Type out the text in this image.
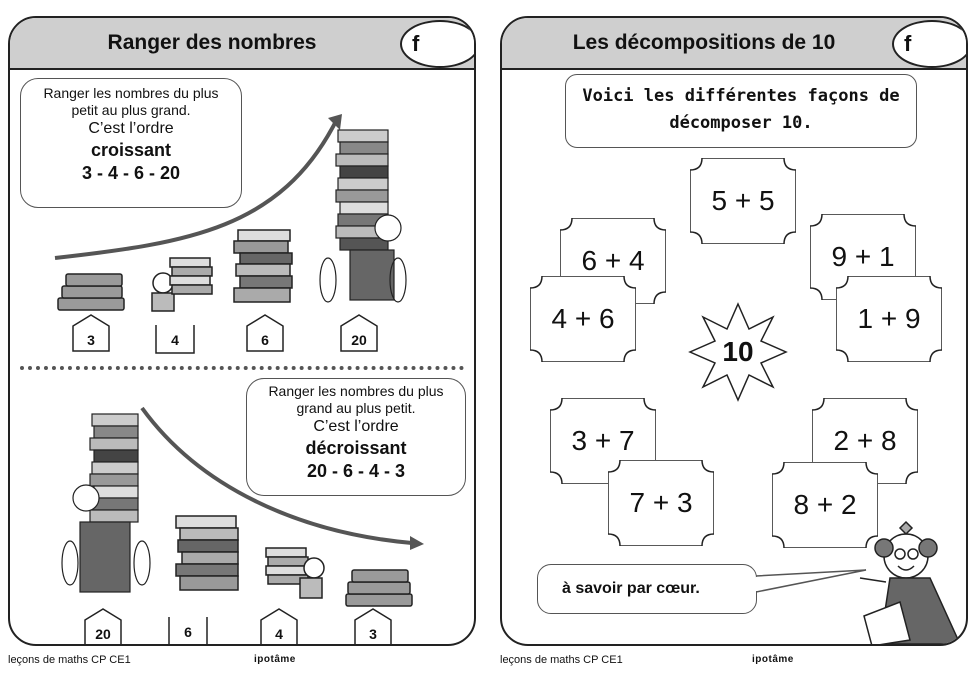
Ranger des nombres	f
Ranger les nombres du plus
petit au plus grand.
C’est l’ordre
croissant
3 - 4 - 6 - 20
3	4	6	20
Ranger les nombres du plus
grand au plus petit.
C’est l’ordre
décroissant
20 - 6 - 4 - 3
20	6	4	3
Les décompositions de 10	f
Voici les différentes façons de
décomposer 10.
5 + 5
6 + 4
4 + 6
9 + 1
1 + 9
3 + 7
7 + 3
2 + 8
8 + 2
10
à savoir par cœur.
leçons de maths CP CE1	ipotâme	leçons de maths CP CE1	ipotâme
